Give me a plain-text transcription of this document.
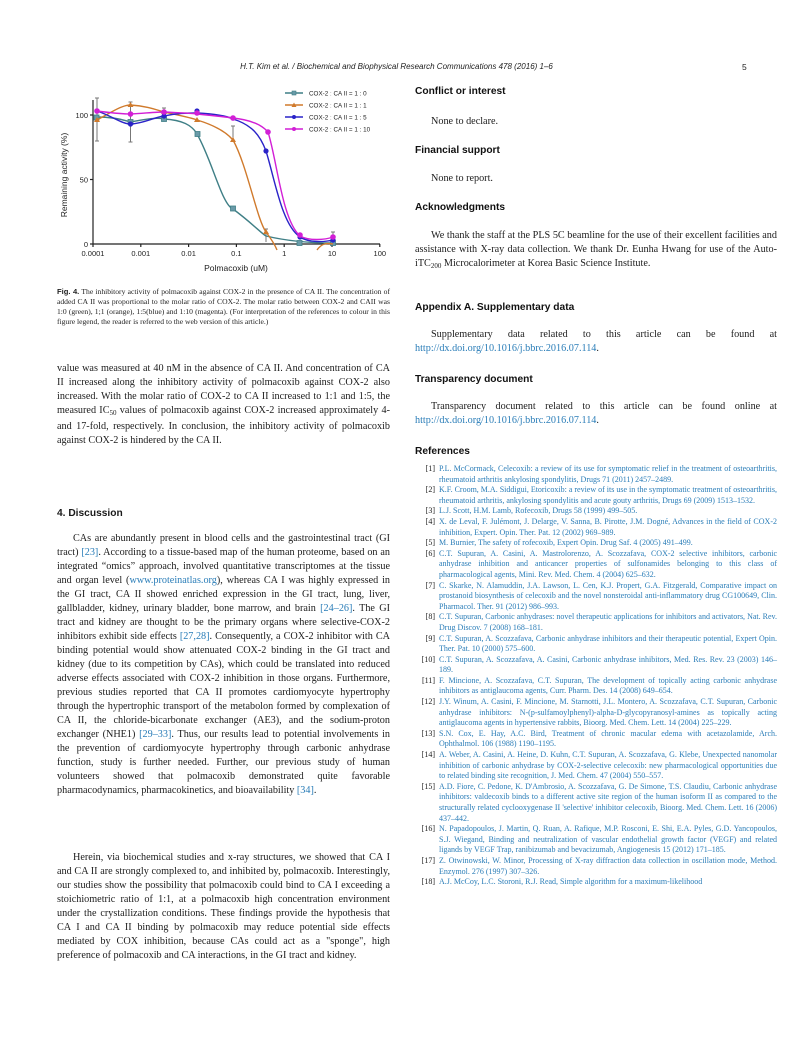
H.T. Kim et al. / Biochemical and Biophysical Research Communications 478 (2016) 1–6	5
0
50
100
0.0001	0.001	0.01	0.1	1	10	100
Polmacoxib (uM)
Remaining activity (%)
COX-2 ː CA II = 1 : 0
COX-2 ː CA II = 1 : 1
COX-2 ː CA II = 1 : 5
COX-2 ː CA II = 1 : 10
Fig. 4. The inhibitory activity of polmacoxib against COX-2 in the presence of CA II. The concentration of added CA II was proportional to the molar ratio of COX-2. The molar ratio between COX-2 and CAII was 1:0 (green), 1;1 (orange), 1:5(blue) and 1:10 (magenta). (For interpretation of the references to colour in this figure legend, the reader is referred to the web version of this article.)

value was measured at 40 nM in the absence of CA II. And concentration of CA II increased along the inhibitory activity of polmacoxib against COX-2 also increased. With the molar ratio of COX-2 to CA II increased to 1:1 and 1:5, the measured $IC_{50}$ values of polmacoxib against COX-2 increased approximately 4- and 17-fold, respectively. In conclusion, the inhibitory activity of polmacoxib against COX-2 is hindered by the CA II.

4. Discussion

CAs are abundantly present in blood cells and the gastrointestinal tract (GI tract) [23]. According to a tissue-based map of the human proteome, based on an integrated “omics” approach, involved quantitative transcriptomes at the tissue and organ level (www.proteinatlas.org), whereas CA I was highly expressed in the GI tract, CA II showed enriched expression in the GI tract, lung, liver, gallbladder, kidney, urinary bladder, bone marrow, and brain [24–26]. The GI tract and kidney are thought to be the primary organs where selective-COX-2 inhibitors exhibit side effects [27,28]. Consequently, a COX-2 inhibitor with CA binding potential would show attenuated COX-2 binding in the GI tract and kidney (due to its competition by CAs), which could be translated into reduced adverse effects associated with COX-2 inhibition in those organs. Furthermore, previous studies reported that CA II promotes cardiomyocyte hypertrophy through the hypertrophic transport of the metabolon formed by complexation of CA II, the chloride-bicarbonate exchanger (AE3), and the sodium-proton exchanger (NHE1) [29–33]. Thus, our results lead to potential involvements in the prevention of cardiomyocyte hypertrophy through carbonic anhydrase function, study is further needed. Further, our previous study of human volunteers showed that polmacoxib demonstrated quite favorable pharmacodynamics, pharmacokinetics, and bioavailability [34].

Herein, via biochemical studies and x-ray structures, we showed that CA I and CA II are strongly complexed to, and inhibited by, polmacoxib. Interestingly, our studies show the possibility that polmacoxib could bind to CA I exceeding a stoichiometric ratio of 1:1, at a polmacoxib high concentration environment under the crystallization conditions. These findings provide the hypothesis that CA I and CA II binding by polmacoxib may reduce potential side effects mediated by COX inhibition, because CAs could act as a "sponge", high preference of polmacoxib and CA interactions, in the GI tract and kidney.

Conflict or interest

None to declare.

Financial support

None to report.

Acknowledgments

We thank the staff at the PLS 5C beamline for the use of their excellent facilities and assistance with X-ray data collection. We thank Dr. Eunha Hwang for use of the Auto-iTC$_{200}$ Microcalorimeter at Korea Basic Science Institute.

Appendix A. Supplementary data

Supplementary data related to this article can be found at http://dx.doi.org/10.1016/j.bbrc.2016.07.114.

Transparency document

Transparency document related to this article can be found online at http://dx.doi.org/10.1016/j.bbrc.2016.07.114.

References
[1] P.L. McCormack, Celecoxib: a review of its use for symptomatic relief in the treatment of osteoarthritis, rheumatoid arthritis ankylosing spondylitis, Drugs 71 (2011) 2457–2489.
[2] K.F. Croom, M.A. Siddigui, Etoricoxib: a review of its use in the symptomatic treatment of osteoarthritis, rheumatoid arthritis, ankylosing spondylitis and acute gouty arthritis, Drugs 69 (2009) 1513–1532.
[3] L.J. Scott, H.M. Lamb, Rofecoxib, Drugs 58 (1999) 499–505.
[4] X. de Leval, F. Julémont, J. Delarge, V. Sanna, B. Pirotte, J.M. Dogné, Advances in the field of COX-2 inhibition, Expert. Opin. Ther. Pat. 12 (2002) 969–989.
[5] M. Burnier, The safety of rofecoxib, Expert Opin. Drug Saf. 4 (2005) 491–499.
[6] C.T. Supuran, A. Casini, A. Mastrolorenzo, A. Scozzafava, COX-2 selective inhibitors, carbonic anhydrase inhibition and anticancer properties of sulfonamides belonging to this class of pharmacological agents, Mini. Rev. Med. Chem. 4 (2004) 625–632.
[7] C. Skarke, N. Alamuddin, J.A. Lawson, L. Cen, K.J. Propert, G.A. Fitzgerald, Comparative impact on prostanoid biosynthesis of celecoxib and the novel nonsteroidal anti-inflammatory drug CG100649, Clin. Pharmacol. Ther. 91 (2012) 986–993.
[8] C.T. Supuran, Carbonic anhydrases: novel therapeutic applications for inhibitors and activators, Nat. Rev. Drug Discov. 7 (2008) 168–181.
[9] C.T. Supuran, A. Scozzafava, Carbonic anhydrase inhibitors and their therapeutic potential, Expert Opin. Ther. Pat. 10 (2000) 575–600.
[10] C.T. Supuran, A. Scozzafava, A. Casini, Carbonic anhydrase inhibitors, Med. Res. Rev. 23 (2003) 146–189.
[11] F. Mincione, A. Scozzafava, C.T. Supuran, The development of topically acting carbonic anhydrase inhibitors as antiglaucoma agents, Curr. Pharm. Des. 14 (2008) 649–654.
[12] J.Y. Winum, A. Casini, F. Mincione, M. Starnotti, J.L. Montero, A. Scozzafava, C.T. Supuran, Carbonic anhydrase inhibitors: N-(p-sulfamoylphenyl)-alpha-D-glycopyranosyl-amines as topically acting antiglaucoma agents in hypertensive rabbits, Bioorg. Med. Chem. Lett. 14 (2004) 225–229.
[13] S.N. Cox, E. Hay, A.C. Bird, Treatment of chronic macular edema with acetazolamide, Arch. Ophthalmol. 106 (1988) 1190–1195.
[14] A. Weber, A. Casini, A. Heine, D. Kuhn, C.T. Supuran, A. Scozzafava, G. Klebe, Unexpected nanomolar inhibition of carbonic anhydrase by COX-2-selective celecoxib: new pharmacological opportunities due to related binding site recognition, J. Med. Chem. 47 (2004) 550–557.
[15] A.D. Fiore, C. Pedone, K. D'Ambrosio, A. Scozzafava, G. De Simone, T.S. Claudiu, Carbonic anhydrase inhibitors: valdecoxib binds to a different active site region of the human isoform II as compared to the structurally related cyclooxygenase II 'selective' inhibitor celecoxib, Bioorg. Med. Chem. Lett. 16 (2006) 437–442.
[16] N. Papadopoulos, J. Martin, Q. Ruan, A. Rafique, M.P. Rosconi, E. Shi, E.A. Pyles, G.D. Yancopoulos, S.J. Wiegand, Binding and neutralization of vascular endothelial growth factor (VEGF) and related ligands by VEGF Trap, ranibizumab and bevacizumab, Angiogenesis 15 (2012) 171–185.
[17] Z. Otwinowski, W. Minor, Processing of X-ray diffraction data collection in oscillation mode, Method. Enzymol. 276 (1997) 307–326.
[18] A.J. McCoy, L.C. Storoni, R.J. Read, Simple algorithm for a maximum-likelihood
